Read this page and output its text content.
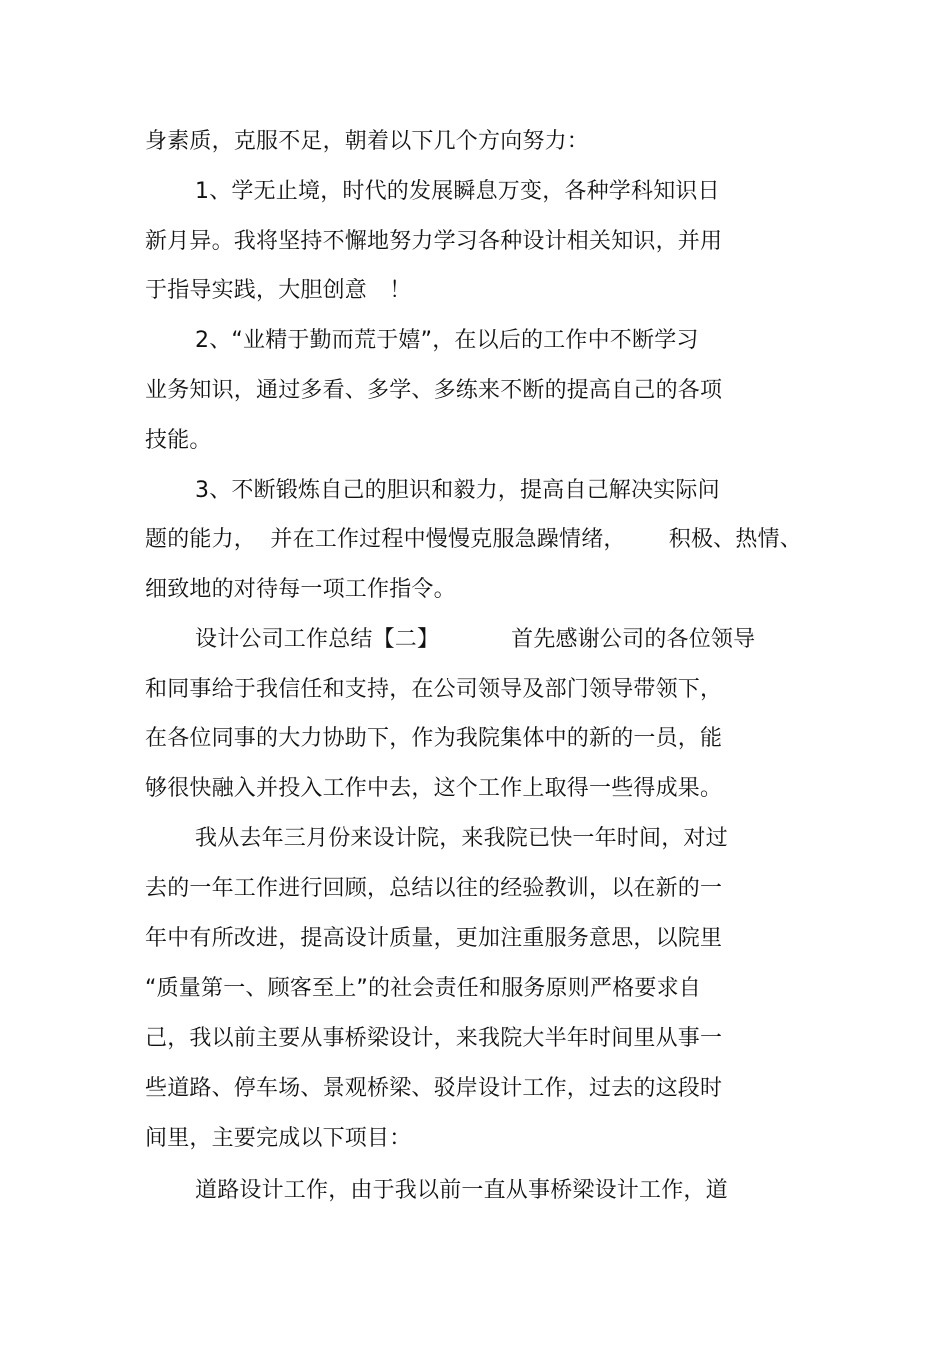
身素质，克服不足，朝着以下几个方向努力：
1、学无止境，时代的发展瞬息万变，各种学科知识日
新月异。我将坚持不懈地努力学习各种设计相关知识，并用
于指导实践，大胆创意　！
2、“业精于勤而荒于嬉”，在以后的工作中不断学习
业务知识，通过多看、多学、多练来不断的提高自己的各项
技能。
3、不断锻炼自己的胆识和毅力，提高自己解决实际问
题的能力，  并在工作过程中慢慢克服急躁情绪，      积极、热情、
细致地的对待每一项工作指令。
设计公司工作总结【二】          首先感谢公司的各位领导
和同事给于我信任和支持，在公司领导及部门领导带领下，
在各位同事的大力协助下，作为我院集体中的新的一员，能
够很快融入并投入工作中去，这个工作上取得一些得成果。
我从去年三月份来设计院，来我院已快一年时间，对过
去的一年工作进行回顾，总结以往的经验教训，以在新的一
年中有所改进，提高设计质量，更加注重服务意思，以院里
“质量第一、顾客至上”的社会责任和服务原则严格要求自
己，我以前主要从事桥梁设计，来我院大半年时间里从事一
些道路、停车场、景观桥梁、驳岸设计工作，过去的这段时
间里，主要完成以下项目：
道路设计工作，由于我以前一直从事桥梁设计工作，道
